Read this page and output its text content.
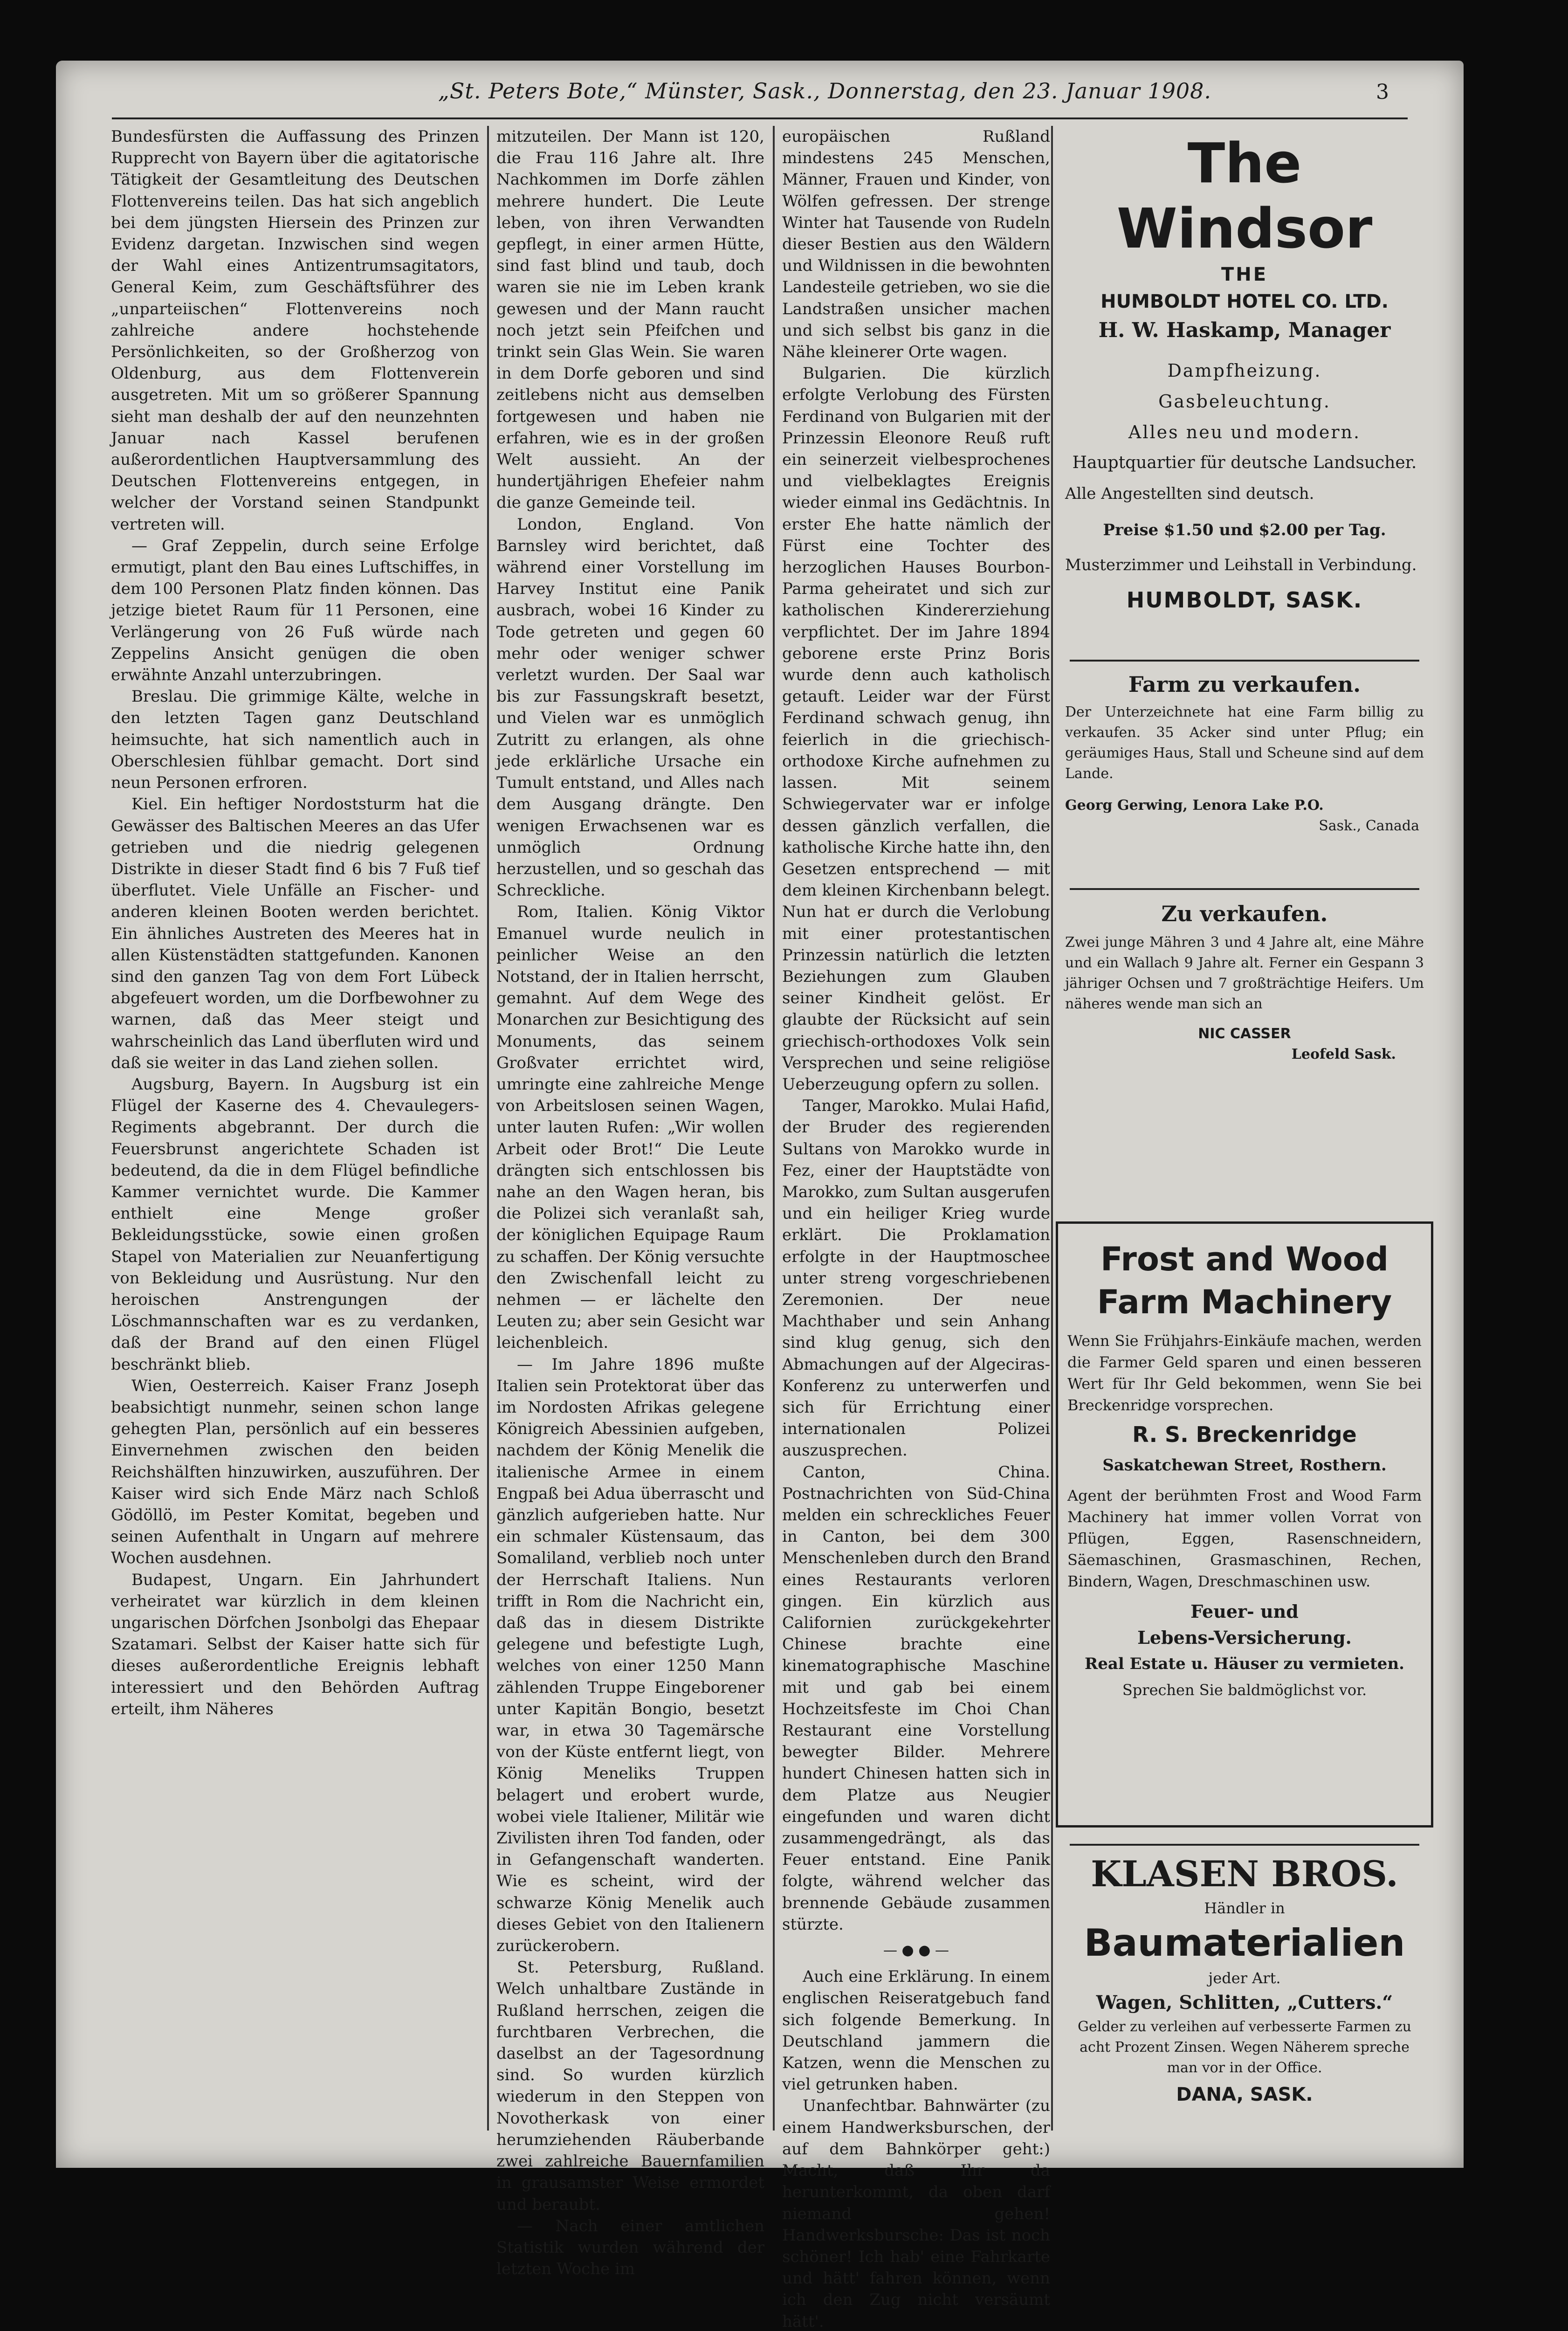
„St. Peters Bote,“ Münster, Sask., Donnerstag, den 23. Januar 1908.	3

Bundesfürsten die Auffassung des Prinzen Rupprecht von Bayern über die agitatorische Tätigkeit der Gesamtleitung des Deutschen Flottenvereins teilen. Das hat sich angeblich bei dem jüngsten Hiersein des Prinzen zur Evidenz dargetan. Inzwischen sind wegen der Wahl eines Antizentrumsagitators, General Keim, zum Geschäftsführer des „unparteiischen“ Flottenvereins noch zahlreiche andere hochstehende Persönlichkeiten, so der Großherzog von Oldenburg, aus dem Flottenverein ausgetreten. Mit um so größerer Spannung sieht man deshalb der auf den neunzehnten Januar nach Kassel berufenen außerordentlichen Hauptversammlung des Deutschen Flottenvereins entgegen, in welcher der Vorstand seinen Standpunkt vertreten will.

— Graf Zeppelin, durch seine Erfolge ermutigt, plant den Bau eines Luftschiffes, in dem 100 Personen Platz finden können. Das jetzige bietet Raum für 11 Personen, eine Verlängerung von 26 Fuß würde nach Zeppelins Ansicht genügen die oben erwähnte Anzahl unterzubringen.

Breslau. Die grimmige Kälte, welche in den letzten Tagen ganz Deutschland heimsuchte, hat sich namentlich auch in Oberschlesien fühlbar gemacht. Dort sind neun Personen erfroren.

Kiel. Ein heftiger Nordoststurm hat die Gewässer des Baltischen Meeres an das Ufer getrieben und die niedrig gelegenen Distrikte in dieser Stadt find 6 bis 7 Fuß tief überflutet. Viele Unfälle an Fischer- und anderen kleinen Booten werden berichtet. Ein ähnliches Austreten des Meeres hat in allen Küstenstädten stattgefunden. Kanonen sind den ganzen Tag von dem Fort Lübeck abgefeuert worden, um die Dorfbewohner zu warnen, daß das Meer steigt und wahrscheinlich das Land überfluten wird und daß sie weiter in das Land ziehen sollen.

Augsburg, Bayern. In Augsburg ist ein Flügel der Kaserne des 4. Chevaulegers-Regiments abgebrannt. Der durch die Feuersbrunst angerichtete Schaden ist bedeutend, da die in dem Flügel befindliche Kammer vernichtet wurde. Die Kammer enthielt eine Menge großer Bekleidungsstücke, sowie einen großen Stapel von Materialien zur Neuanfertigung von Bekleidung und Ausrüstung. Nur den heroischen Anstrengungen der Löschmannschaften war es zu verdanken, daß der Brand auf den einen Flügel beschränkt blieb.

Wien, Oesterreich. Kaiser Franz Joseph beabsichtigt nunmehr, seinen schon lange gehegten Plan, persönlich auf ein besseres Einvernehmen zwischen den beiden Reichshälften hinzuwirken, auszuführen. Der Kaiser wird sich Ende März nach Schloß Gödöllö, im Pester Komitat, begeben und seinen Aufenthalt in Ungarn auf mehrere Wochen ausdehnen.

Budapest, Ungarn. Ein Jahrhundert verheiratet war kürzlich in dem kleinen ungarischen Dörfchen Jsonbolgi das Ehepaar Szatamari. Selbst der Kaiser hatte sich für dieses außerordentliche Ereignis lebhaft interessiert und den Behörden Auftrag erteilt, ihm Näheres

mitzuteilen. Der Mann ist 120, die Frau 116 Jahre alt. Ihre Nachkommen im Dorfe zählen mehrere hundert. Die Leute leben, von ihren Verwandten gepflegt, in einer armen Hütte, sind fast blind und taub, doch waren sie nie im Leben krank gewesen und der Mann raucht noch jetzt sein Pfeifchen und trinkt sein Glas Wein. Sie waren in dem Dorfe geboren und sind zeitlebens nicht aus demselben fortgewesen und haben nie erfahren, wie es in der großen Welt aussieht. An der hundertjährigen Ehefeier nahm die ganze Gemeinde teil.

London, England. Von Barnsley wird berichtet, daß während einer Vorstellung im Harvey Institut eine Panik ausbrach, wobei 16 Kinder zu Tode getreten und gegen 60 mehr oder weniger schwer verletzt wurden. Der Saal war bis zur Fassungskraft besetzt, und Vielen war es unmöglich Zutritt zu erlangen, als ohne jede erklärliche Ursache ein Tumult entstand, und Alles nach dem Ausgang drängte. Den wenigen Erwachsenen war es unmöglich Ordnung herzustellen, und so geschah das Schreckliche.

Rom, Italien. König Viktor Emanuel wurde neulich in peinlicher Weise an den Notstand, der in Italien herrscht, gemahnt. Auf dem Wege des Monarchen zur Besichtigung des Monuments, das seinem Großvater errichtet wird, umringte eine zahlreiche Menge von Arbeitslosen seinen Wagen, unter lauten Rufen: „Wir wollen Arbeit oder Brot!“ Die Leute drängten sich entschlossen bis nahe an den Wagen heran, bis die Polizei sich veranlaßt sah, der königlichen Equipage Raum zu schaffen. Der König versuchte den Zwischenfall leicht zu nehmen — er lächelte den Leuten zu; aber sein Gesicht war leichenbleich.

— Im Jahre 1896 mußte Italien sein Protektorat über das im Nordosten Afrikas gelegene Königreich Abessinien aufgeben, nachdem der König Menelik die italienische Armee in einem Engpaß bei Adua überrascht und gänzlich aufgerieben hatte. Nur ein schmaler Küstensaum, das Somaliland, verblieb noch unter der Herrschaft Italiens. Nun trifft in Rom die Nachricht ein, daß das in diesem Distrikte gelegene und befestigte Lugh, welches von einer 1250 Mann zählenden Truppe Eingeborener unter Kapitän Bongio, besetzt war, in etwa 30 Tagemärsche von der Küste entfernt liegt, von König Meneliks Truppen belagert und erobert wurde, wobei viele Italiener, Militär wie Zivilisten ihren Tod fanden, oder in Gefangenschaft wanderten. Wie es scheint, wird der schwarze König Menelik auch dieses Gebiet von den Italienern zurückerobern.

St. Petersburg, Rußland. Welch unhaltbare Zustände in Rußland herrschen, zeigen die furchtbaren Verbrechen, die daselbst an der Tagesordnung sind. So wurden kürzlich wiederum in den Steppen von Novotherkask von einer herumziehenden Räuberbande zwei zahlreiche Bauernfamilien in grausamster Weise ermordet und beraubt.

— Nach einer amtlichen Statistik wurden während der letzten Woche im

europäischen Rußland mindestens 245 Menschen, Männer, Frauen und Kinder, von Wölfen gefressen. Der strenge Winter hat Tausende von Rudeln dieser Bestien aus den Wäldern und Wildnissen in die bewohnten Landesteile getrieben, wo sie die Landstraßen unsicher machen und sich selbst bis ganz in die Nähe kleinerer Orte wagen.

Bulgarien. Die kürzlich erfolgte Verlobung des Fürsten Ferdinand von Bulgarien mit der Prinzessin Eleonore Reuß ruft ein seinerzeit vielbesprochenes und vielbeklagtes Ereignis wieder einmal ins Gedächtnis. In erster Ehe hatte nämlich der Fürst eine Tochter des herzoglichen Hauses Bourbon-Parma geheiratet und sich zur katholischen Kindererziehung verpflichtet. Der im Jahre 1894 geborene erste Prinz Boris wurde denn auch katholisch getauft. Leider war der Fürst Ferdinand schwach genug, ihn feierlich in die griechisch-orthodoxe Kirche aufnehmen zu lassen. Mit seinem Schwiegervater war er infolge dessen gänzlich verfallen, die katholische Kirche hatte ihn, den Gesetzen entsprechend — mit dem kleinen Kirchenbann belegt. Nun hat er durch die Verlobung mit einer protestantischen Prinzessin natürlich die letzten Beziehungen zum Glauben seiner Kindheit gelöst. Er glaubte der Rücksicht auf sein griechisch-orthodoxes Volk sein Versprechen und seine religiöse Ueberzeugung opfern zu sollen.

Tanger, Marokko. Mulai Hafid, der Bruder des regierenden Sultans von Marokko wurde in Fez, einer der Hauptstädte von Marokko, zum Sultan ausgerufen und ein heiliger Krieg wurde erklärt. Die Proklamation erfolgte in der Hauptmoschee unter streng vorgeschriebenen Zeremonien. Der neue Machthaber und sein Anhang sind klug genug, sich den Abmachungen auf der Algeciras-Konferenz zu unterwerfen und sich für Errichtung einer internationalen Polizei auszusprechen.

Canton, China. Postnachrichten von Süd-China melden ein schreckliches Feuer in Canton, bei dem 300 Menschenleben durch den Brand eines Restaurants verloren gingen. Ein kürzlich aus Californien zurückgekehrter Chinese brachte eine kinematographische Maschine mit und gab bei einem Hochzeitsfeste im Choi Chan Restaurant eine Vorstellung bewegter Bilder. Mehrere hundert Chinesen hatten sich in dem Platze aus Neugier eingefunden und waren dicht zusammengedrängt, als das Feuer entstand. Eine Panik folgte, während welcher das brennende Gebäude zusammen stürzte.

— ● ● —

Auch eine Erklärung. In einem englischen Reiseratgebuch fand sich folgende Bemerkung. In Deutschland jammern die Katzen, wenn die Menschen zu viel getrunken haben.

Unanfechtbar. Bahnwärter (zu einem Handwerksburschen, der auf dem Bahnkörper geht:) Macht, daß Ihr da herunterkommt, da oben darf niemand gehen! Handwerksbursche: Das ist noch schöner! Ich hab' eine Fahrkarte und hätt' fahren können, wenn ich den Zug nicht versäumt hätt'.

The Windsor
THE
HUMBOLDT HOTEL CO. LTD.
H. W. Haskamp, Manager
Dampfheizung.
Gasbeleuchtung.
Alles neu und modern.
Hauptquartier für deutsche Landsucher.
Alle Angestellten sind deutsch.
Preise $1.50 und $2.00 per Tag.
Musterzimmer und Leihstall in Verbindung.
HUMBOLDT, SASK.
Farm zu verkaufen.
Der Unterzeichnete hat eine Farm billig zu verkaufen. 35 Acker sind unter Pflug; ein geräumiges Haus, Stall und Scheune sind auf dem Lande.
Georg Gerwing, Lenora Lake P.O.
Sask., Canada
Zu verkaufen.
Zwei junge Mähren 3 und 4 Jahre alt, eine Mähre und ein Wallach 9 Jahre alt. Ferner ein Gespann 3 jähriger Ochsen und 7 großträchtige Heifers. Um näheres wende man sich an
NIC CASSER
Leofeld Sask.
Frost and Wood
Farm Machinery
Wenn Sie Frühjahrs-Einkäufe machen, werden die Farmer Geld sparen und einen besseren Wert für Ihr Geld bekommen, wenn Sie bei Breckenridge vorsprechen.
R. S. Breckenridge
Saskatchewan Street, Rosthern.
Agent der berühmten Frost and Wood Farm Machinery hat immer vollen Vorrat von Pflügen, Eggen, Rasenschneidern, Säemaschinen, Grasmaschinen, Rechen, Bindern, Wagen, Dreschmaschinen usw.
Feuer- und
Lebens-Versicherung.
Real Estate u. Häuser zu vermieten.
Sprechen Sie baldmöglichst vor.
KLASEN BROS.
Händler in
Baumaterialien
jeder Art.
Wagen, Schlitten, „Cutters.“
Gelder zu verleihen auf verbesserte Farmen zu acht Prozent Zinsen. Wegen Näherem spreche man vor in der Office.
DANA, SASK.
